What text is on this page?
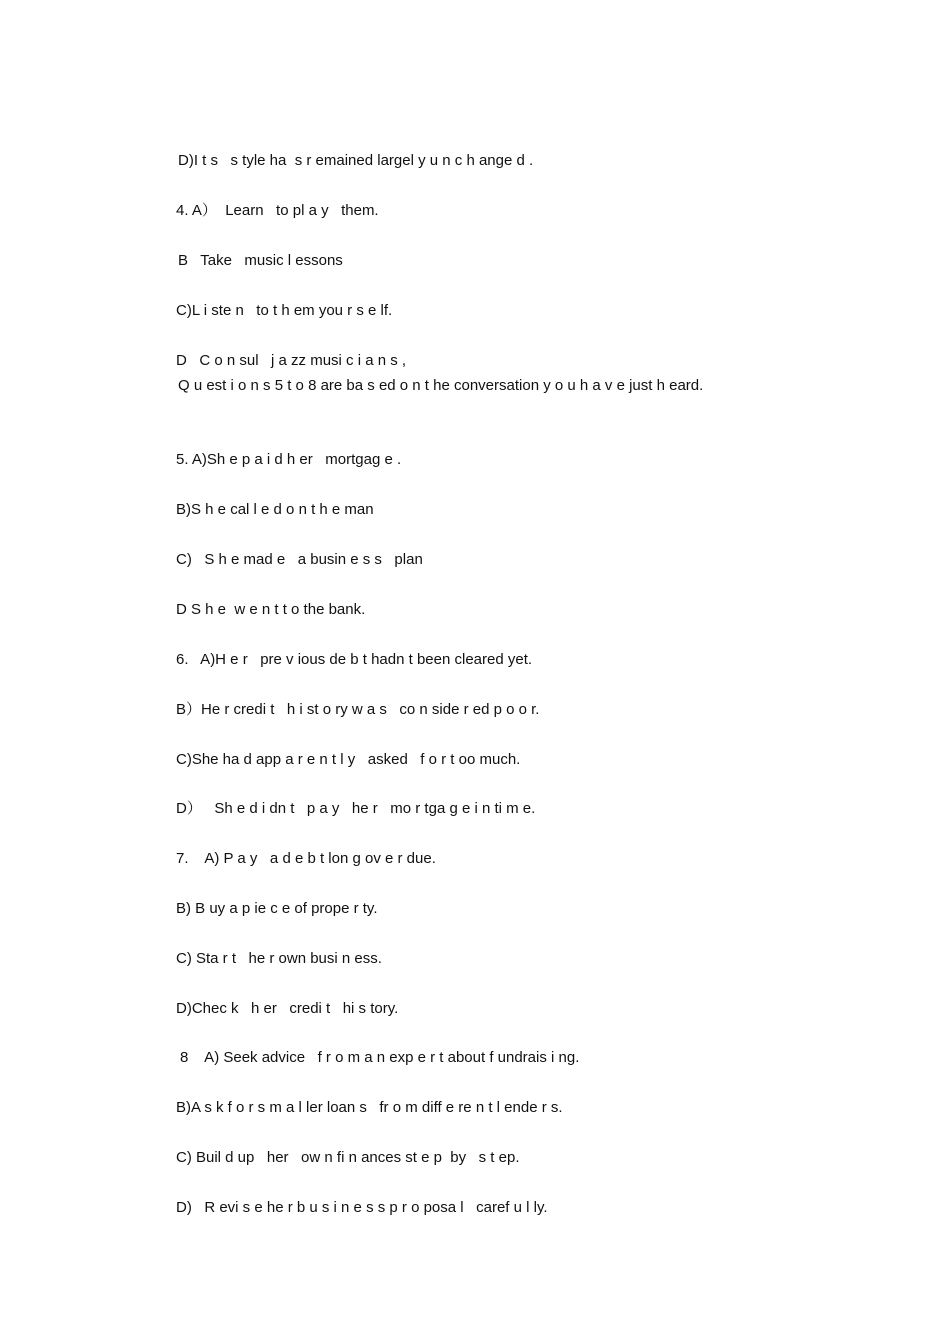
D)I t s   s tyle ha  s r emained largel y u n c h ange d .
4. A）  Learn   to pl a y   them.
B   Take   music l essons
C)L i ste n   to t h em you r s e lf.
D   C o n sul   j a zz musi c i a n s ,
Q u est i o n s 5 t o 8 are ba s ed o n t he conversation y o u h a v e just h eard.
5. A)Sh e p a i d h er   mortgag e .
B)S h e cal l e d o n t h e man
C)   S h e mad e   a busin e s s   plan
D S h e  w e n t t o the bank.
6.   A)H e r   pre v ious de b t hadn t been cleared yet.
B）He r credi t   h i st o ry w a s   co n side r ed p o o r.
C)She ha d app a r e n t l y   asked   f o r t oo much.
D）   Sh e d i dn t   p a y   he r   mo r tga g e i n ti m e.
7.    A) P a y   a d e b t lon g ov e r due.
B) B uy a p ie c e of prope r ty.
C) Sta r t   he r own busi n ess.
D)Chec k   h er   credi t   hi s tory.
8    A) Seek advice   f r o m a n exp e r t about f undrais i ng.
B)A s k f o r s m a l ler loan s   fr o m diff e re n t l ende r s.
C) Buil d up   her   ow n fi n ances st e p  by   s t ep.
D)   R evi s e he r b u s i n e s s p r o posa l   caref u l ly.
